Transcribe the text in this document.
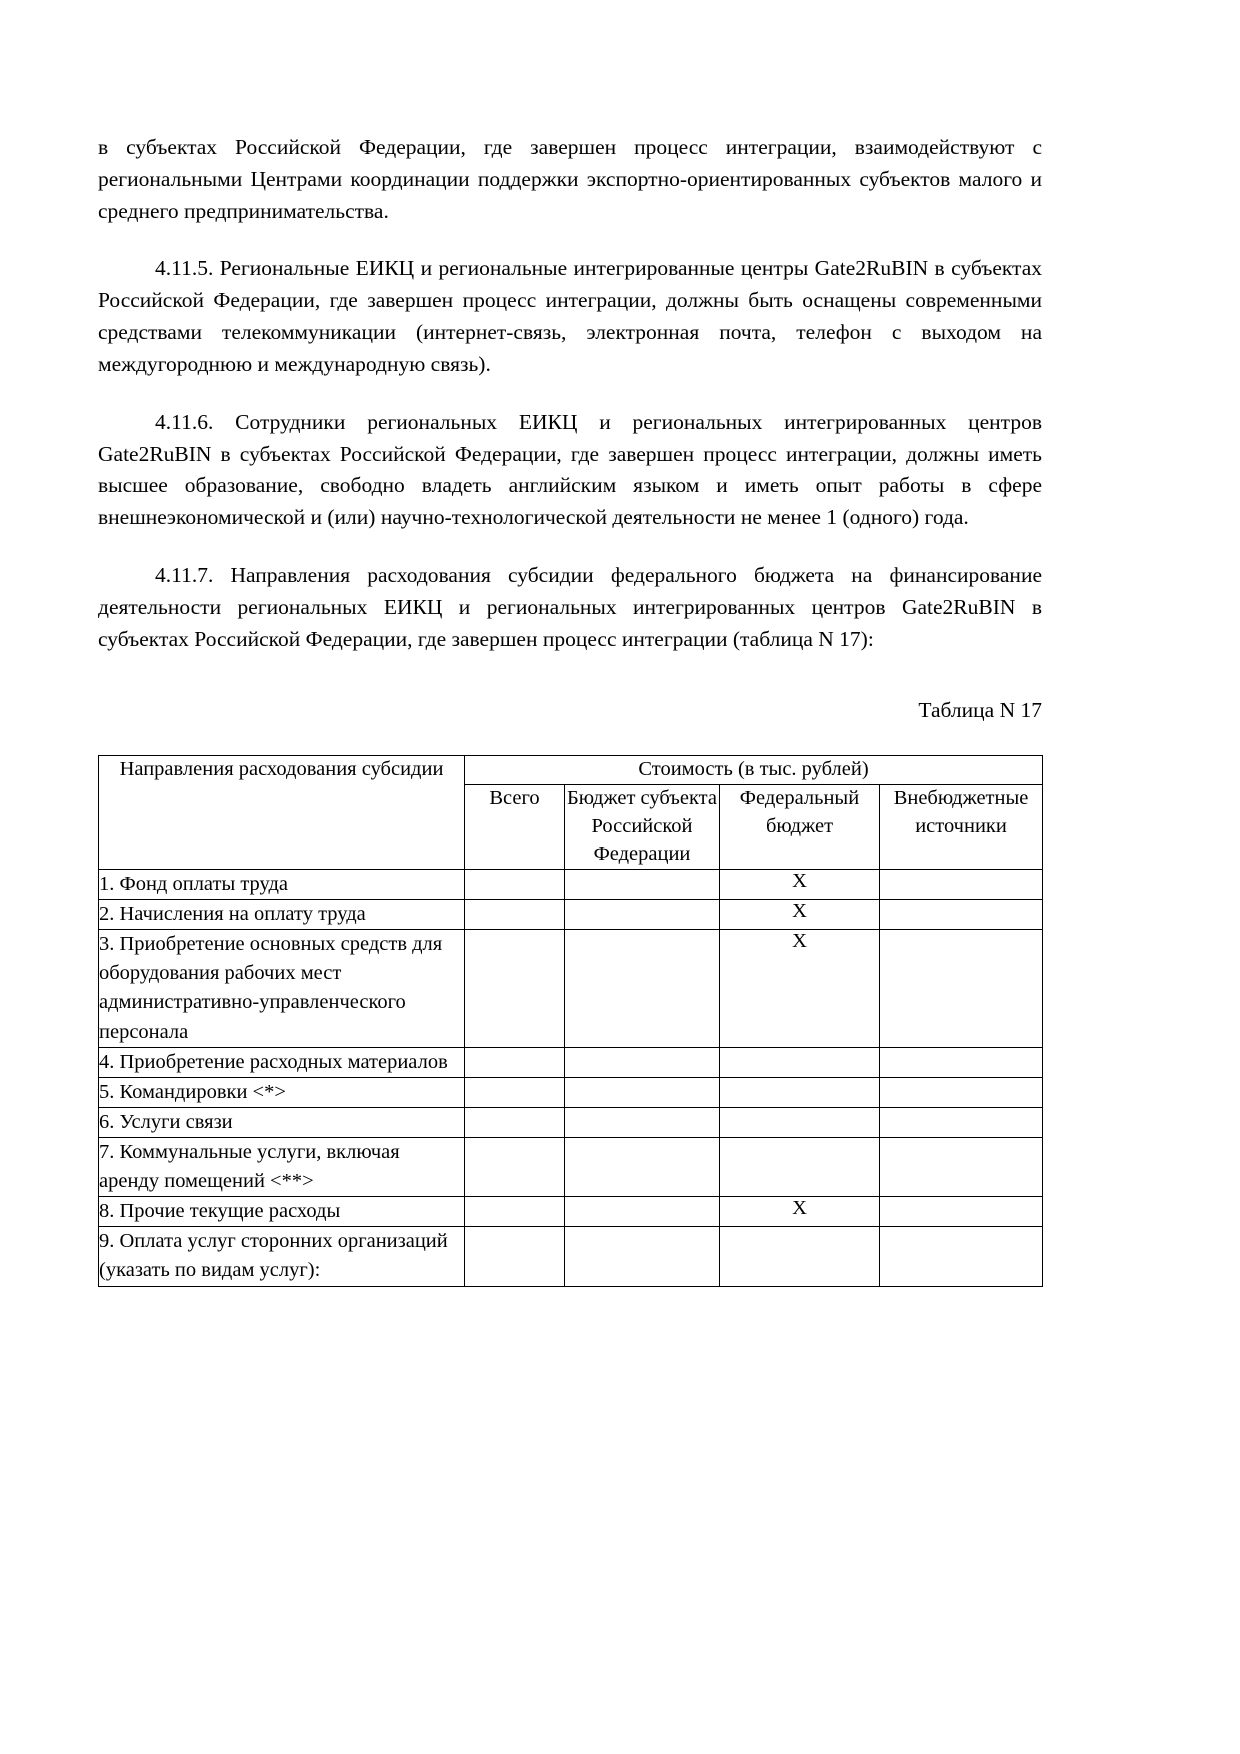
в субъектах Российской Федерации, где завершен процесс интеграции, взаимодействуют с региональными Центрами координации поддержки экспортно-ориентированных субъектов малого и среднего предпринимательства.

4.11.5. Региональные ЕИКЦ и региональные интегрированные центры Gate2RuBIN в субъектах Российской Федерации, где завершен процесс интеграции, должны быть оснащены современными средствами телекоммуникации (интернет-связь, электронная почта, телефон с выходом на междугороднюю и международную связь).

4.11.6. Сотрудники региональных ЕИКЦ и региональных интегрированных центров Gate2RuBIN в субъектах Российской Федерации, где завершен процесс интеграции, должны иметь высшее образование, свободно владеть английским языком и иметь опыт работы в сфере внешнеэкономической и (или) научно-технологической деятельности не менее 1 (одного) года.

4.11.7. Направления расходования субсидии федерального бюджета на финансирование деятельности региональных ЕИКЦ и региональных интегрированных центров Gate2RuBIN в субъектах Российской Федерации, где завершен процесс интеграции (таблица N 17):

Таблица N 17
Направления расходования субсидии	Стоимость (в тыс. рублей)			
	Всего	Бюджет субъекта Российской Федерации	Федеральный бюджет	Внебюджетные источники
1. Фонд оплаты труда			X	
2. Начисления на оплату труда			X	
3. Приобретение основных средств для оборудования рабочих мест административно-управленческого персонала			X	
4. Приобретение расходных материалов				
5. Командировки <*>				
6. Услуги связи				
7. Коммунальные услуги, включая аренду помещений <**>				
8. Прочие текущие расходы			X	
9. Оплата услуг сторонних организаций (указать по видам услуг):				
